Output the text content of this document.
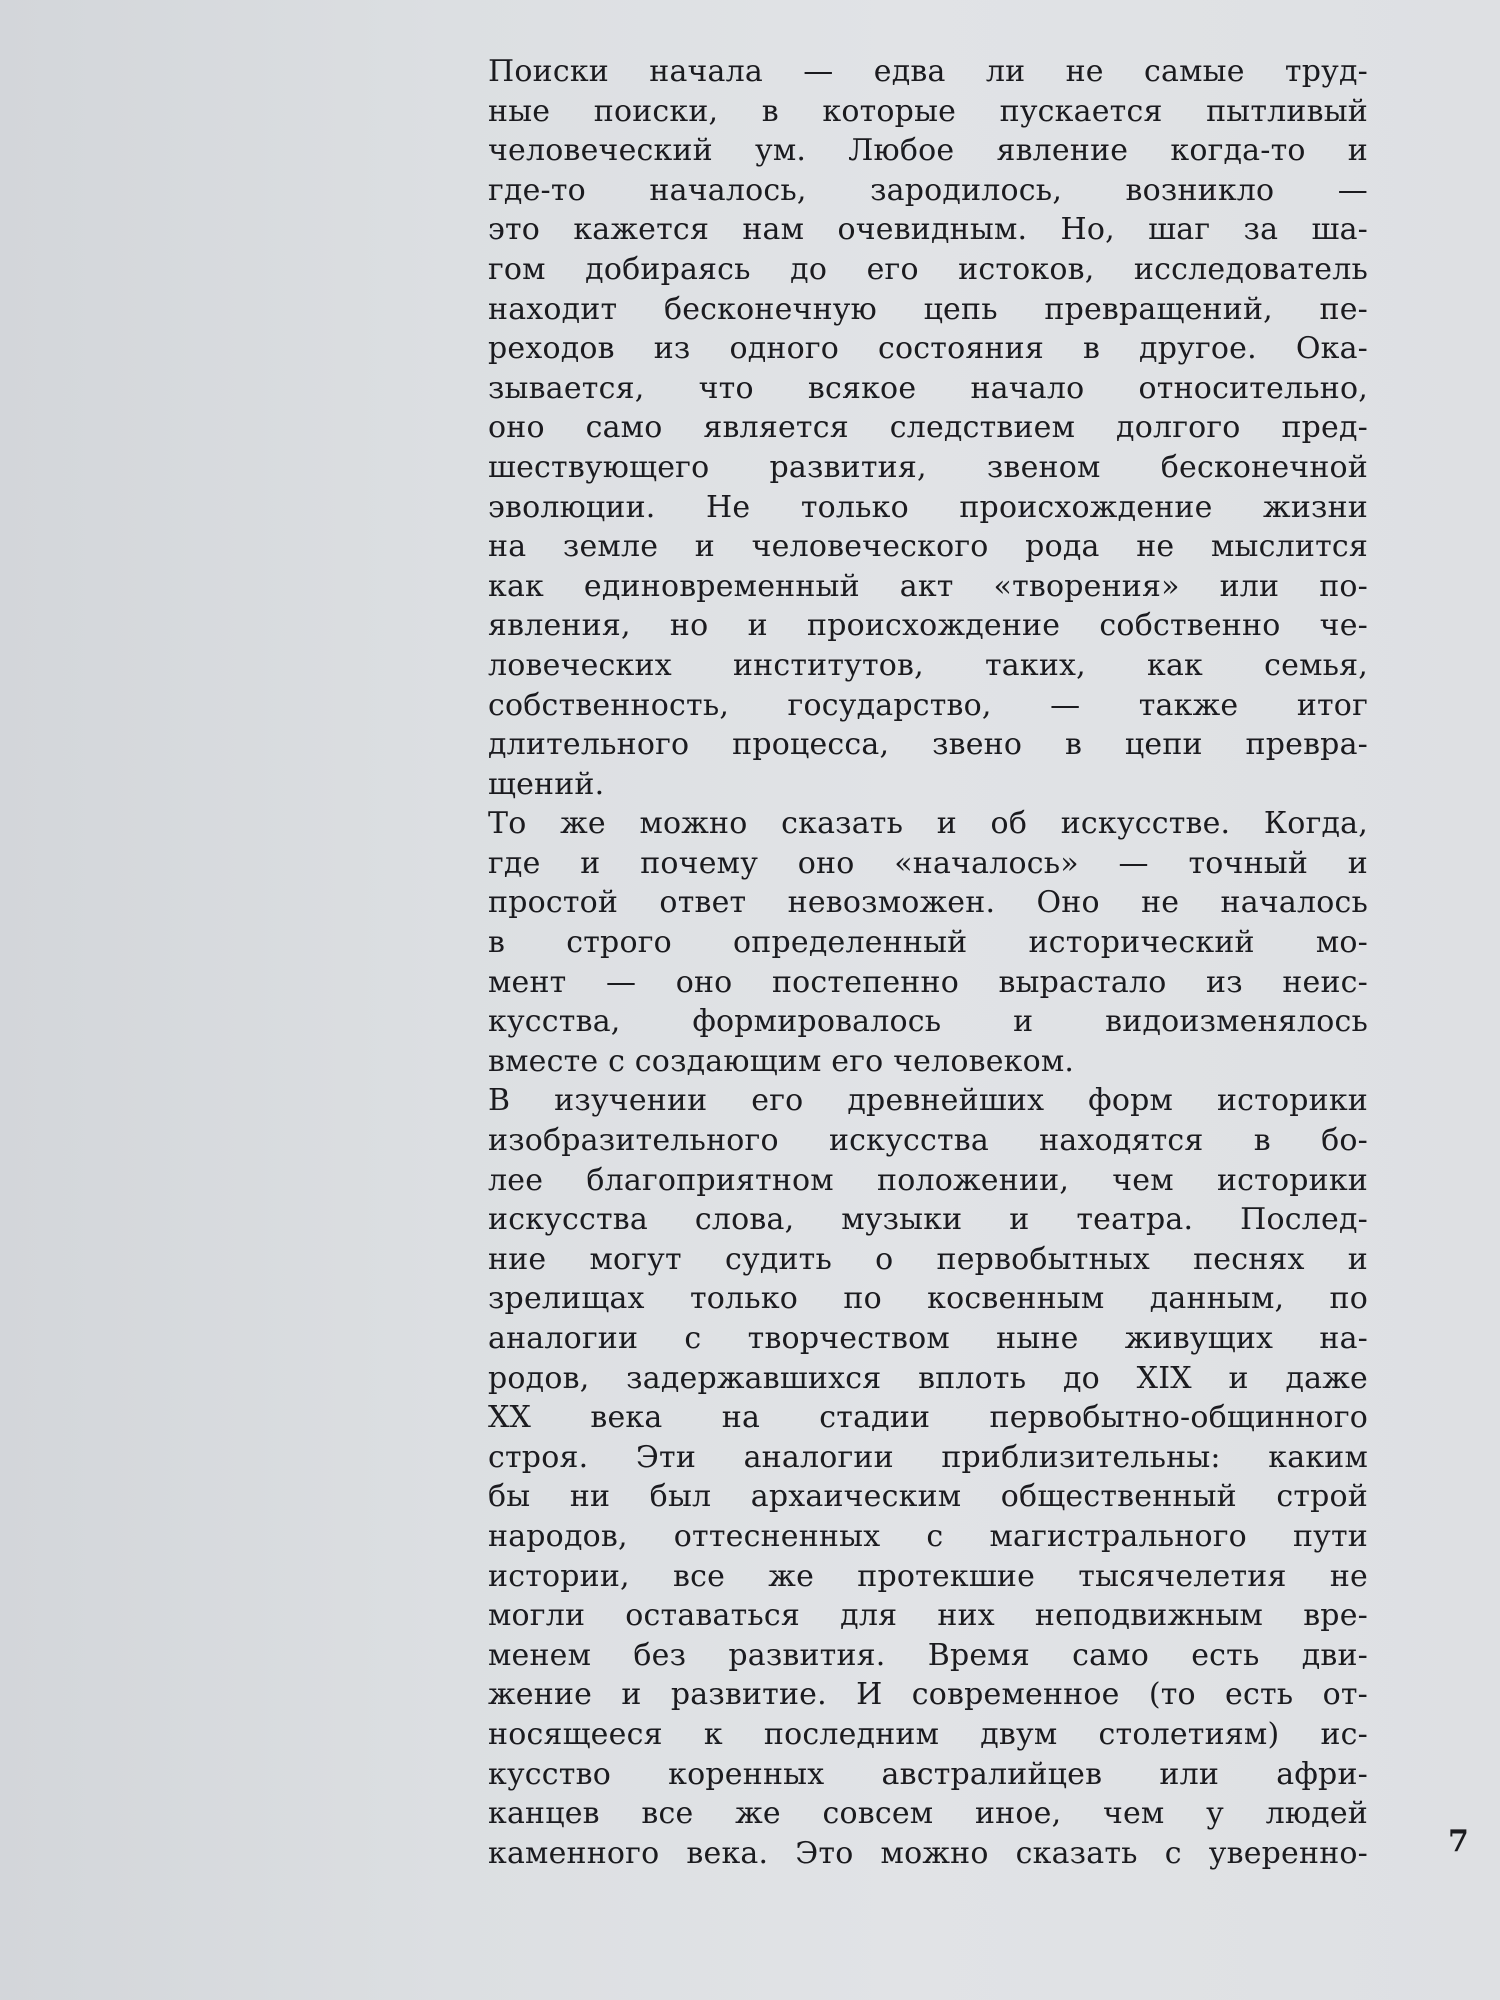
Поиски начала — едва ли не самые труд-
ные поиски, в которые пускается пытливый
человеческий ум. Любое явление когда-то и
где-то началось, зародилось, возникло —
это кажется нам очевидным. Но, шаг за ша-
гом добираясь до его истоков, исследователь
находит бесконечную цепь превращений, пе-
реходов из одного состояния в другое. Ока-
зывается, что всякое начало относительно,
оно само является следствием долгого пред-
шествующего развития, звеном бесконечной
эволюции. Не только происхождение жизни
на земле и человеческого рода не мыслится
как единовременный акт «творения» или по-
явления, но и происхождение собственно че-
ловеческих институтов, таких, как семья,
собственность, государство, — также итог
длительного процесса, звено в цепи превра-
щений.
То же можно сказать и об искусстве. Когда,
где и почему оно «началось» — точный и
простой ответ невозможен. Оно не началось
в строго определенный исторический мо-
мент — оно постепенно вырастало из неис-
кусства, формировалось и видоизменялось
вместе с создающим его человеком.
В изучении его древнейших форм историки
изобразительного искусства находятся в бо-
лее благоприятном положении, чем историки
искусства слова, музыки и театра. Послед-
ние могут судить о первобытных песнях и
зрелищах только по косвенным данным, по
аналогии с творчеством ныне живущих на-
родов, задержавшихся вплоть до XIX и даже
XX века на стадии первобытно-общинного
строя. Эти аналогии приблизительны: каким
бы ни был архаическим общественный строй
народов, оттесненных с магистрального пути
истории, все же протекшие тысячелетия не
могли оставаться для них неподвижным вре-
менем без развития. Время само есть дви-
жение и развитие. И современное (то есть от-
носящееся к последним двум столетиям) ис-
кусство коренных австралийцев или афри-
канцев все же совсем иное, чем у людей
каменного века. Это можно сказать с уверенно-	7
